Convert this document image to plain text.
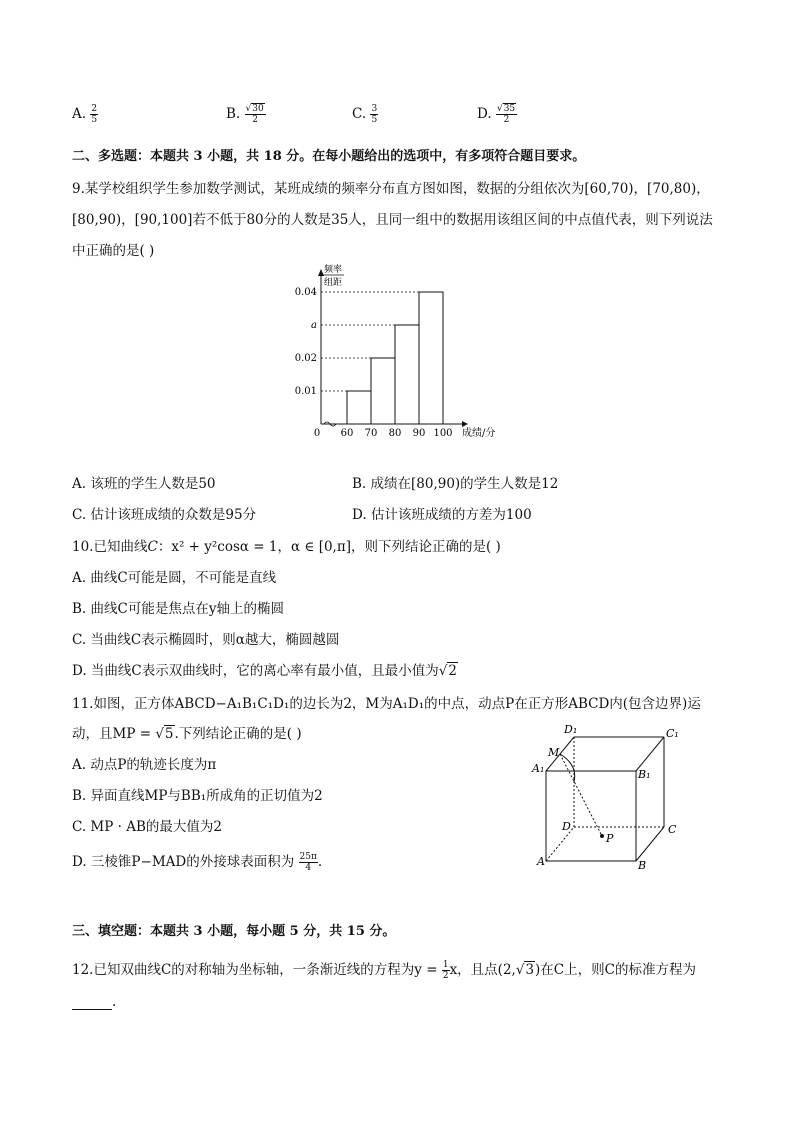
A. $\frac{2}{5}$	B. $\frac{√30}{2}$	C. $\frac{3}{5}$	D. $\frac{√35}{2}$
二、多选题：本题共 3 小题，共 18 分。在每小题给出的选项中，有多项符合题目要求。
9.某学校组织学生参加数学测试，某班成绩的频率分布直方图如图，数据的分组依次为[60,70)，[70,80)，
[80,90)，[90,100]若不低于80分的人数是35人，且同一组中的数据用该组区间的中点值代表，则下列说法
中正确的是( )
频率
组距
成绩/分
0.04
a
0.02
0.01
0 60 70 80 90 100
A. 该班的学生人数是50	B. 成绩在[80,90)的学生人数是12
C. 估计该班成绩的众数是95分	D. 估计该班成绩的方差为100
10.已知曲线C：x² + y²cosα = 1，α ∈ [0,π]，则下列结论正确的是( )
A. 曲线C可能是圆，不可能是直线
B. 曲线C可能是焦点在y轴上的椭圆
C. 当曲线C表示椭圆时，则α越大，椭圆越圆
D. 当曲线C表示双曲线时，它的离心率有最小值，且最小值为√2
11.如图，正方体ABCD−A₁B₁C₁D₁的边长为2，M为A₁D₁的中点，动点P在正方形ABCD内(包含边界)运
动，且MP = √5.下列结论正确的是( )
A. 动点P的轨迹长度为π
B. 异面直线MP与BB₁所成角的正切值为2
C. MP · AB的最大值为2
D. 三棱锥P−MAD的外接球表面积为 $\frac{25\pi}{4}$ .
A₁	B₁
C₁
D₁
M
D	C
A	B
P
三、填空题：本题共 3 小题，每小题 5 分，共 15 分。
12.已知双曲线C的对称轴为坐标轴，一条渐近线的方程为$y = \frac{1}{2}$ x，且点(2,√3)在C上，则C的标准方程为
.
